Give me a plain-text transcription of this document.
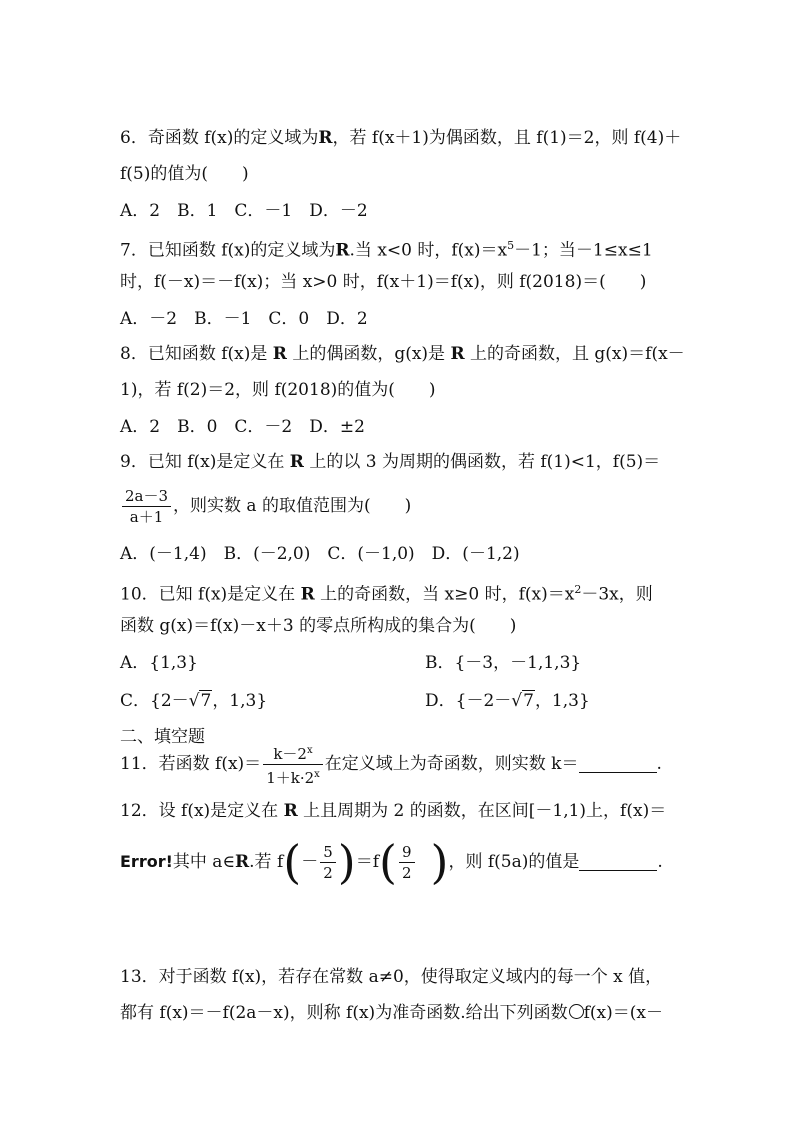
6．奇函数 f(x)的定义域为R，若 f(x＋1)为偶函数，且 f(1)＝2，则 f(4)＋
f(5)的值为(　　)
A．2　B．1　C．－1　D．－2
7．已知函数 f(x)的定义域为R.当 x<0 时，$f(x)=x^5-1$；当－1≤x≤1
时，f(－x)＝－f(x)；当 x>0 时，f(x＋1)＝f(x)，则 f(2018)＝(　　)
A．－2　B．－1　C．0　D．2
8．已知函数 f(x)是 R 上的偶函数，g(x)是 R 上的奇函数，且 g(x)＝f(x－
1)，若 f(2)＝2，则 f(2018)的值为(　　)
A．2　B．0　C．－2　D．±2
9．已知 f(x)是定义在 R 上的以 3 为周期的偶函数，若 f(1)<1，f(5)＝
$\frac{2a-3}{a+1}$ ，则实数 a 的取值范围为(　　)
A．(－1,4)　B．(－2,0)　C．(－1,0)　D．(－1,2)
10．已知 f(x)是定义在 R 上的奇函数，当 x≥0 时，$f(x)=x^2-3x$，则
函数 g(x)＝f(x)－x＋3 的零点所构成的集合为(　　)
A．{1,3}	B．{－3，－1,1,3}
C．{2－√7，1,3}	D．{－2－√7，1,3}
二、填空题
11．若函数 $f(x)= \frac{k-2^x}{1+k\cdot 2^x}$ 在定义域上为奇函数，则实数 k＝	.
12．设 f(x)是定义在 R 上且周期为 2 的函数，在区间[－1,1)上，f(x)＝
Error! 其中 a∈ R .若 f ( － $\frac{5}{2}$ ) ＝f ( $\frac{9}{2}$ ) ，则 f(5a)的值是	.
13．对于函数 f(x)，若存在常数 a≠0，使得取定义域内的每一个 x 值，
都有 f(x)＝－f(2a－x)，则称 f(x)为准奇函数.给出下列函数 f(x)＝(x－
